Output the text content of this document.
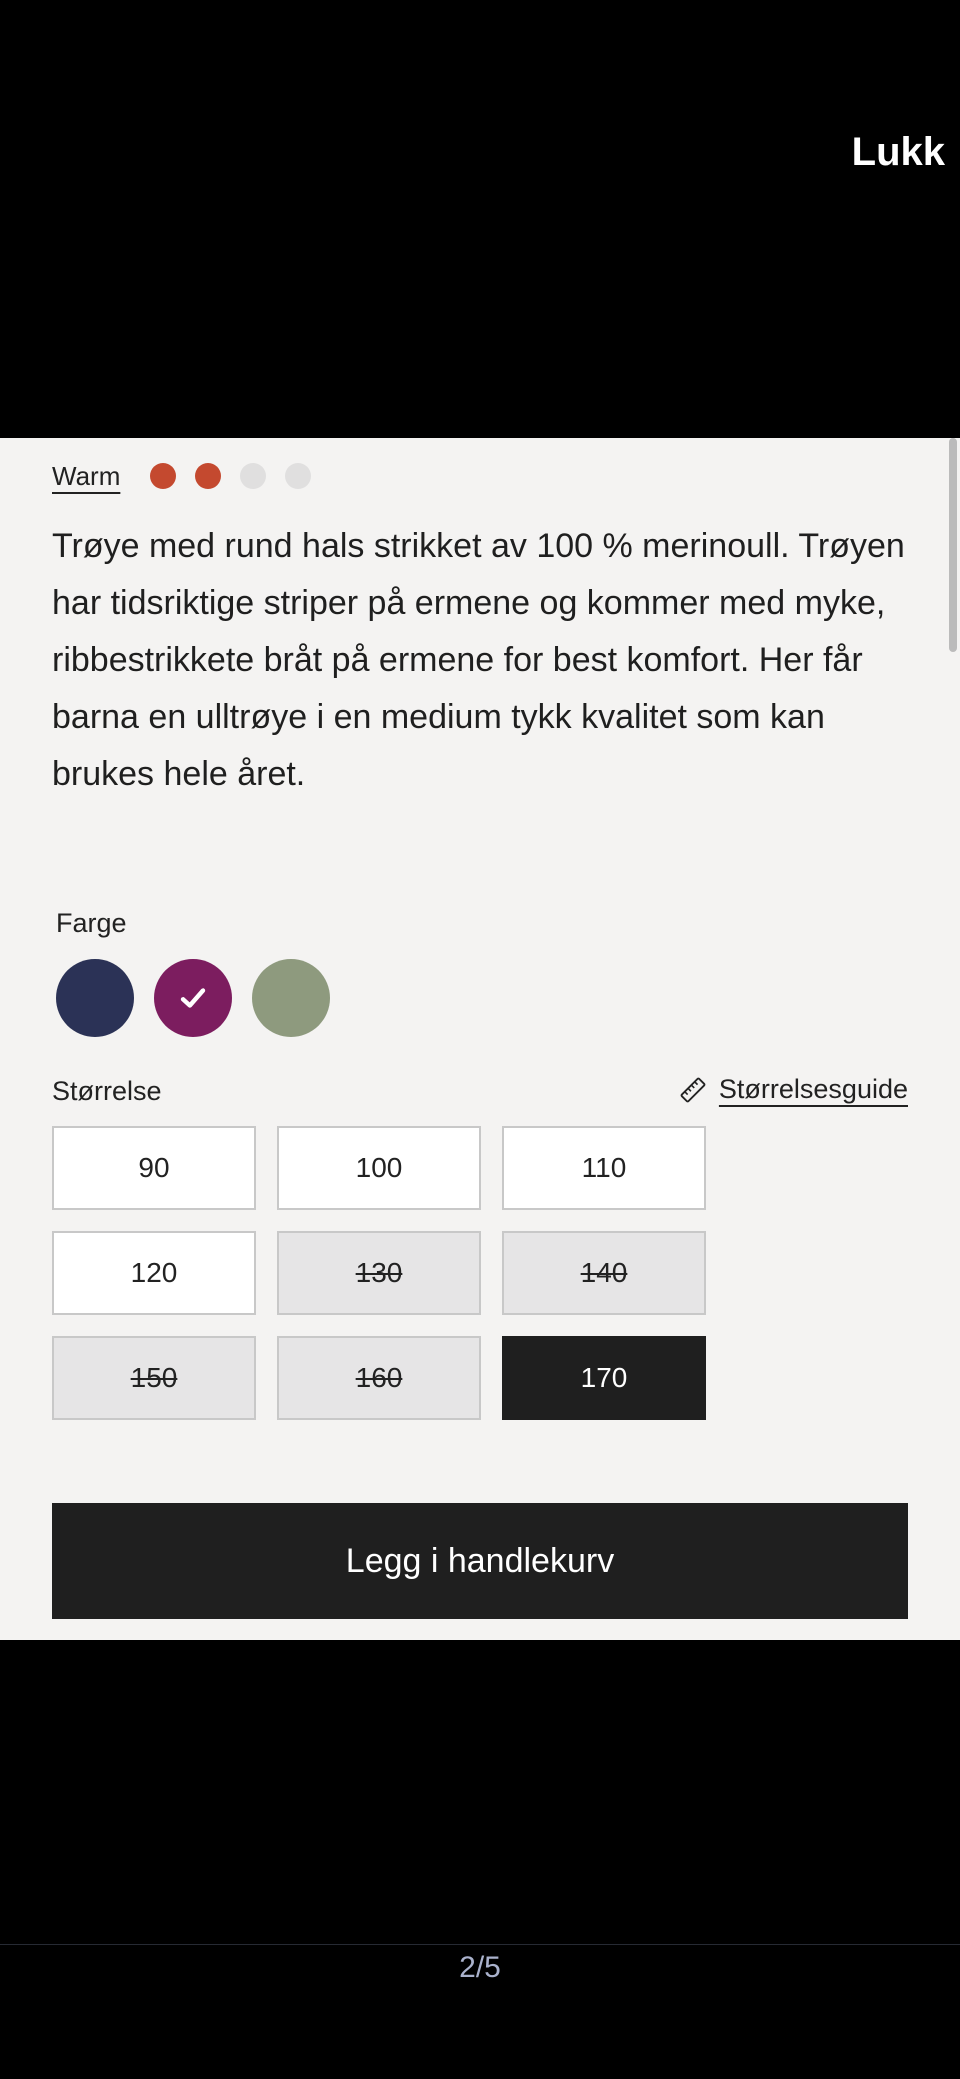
Lukk
Warm

Trøye med rund hals strikket av 100 % merinoull. Trøyen har tidsriktige striper på ermene og kommer med myke, ribbestrikkete bråt på ermene for best komfort. Her får barna en ulltrøye i en medium tykk kvalitet som kan brukes hele året.

Farge
Størrelse	Størrelsesguide
90	100	110
120	130	140
150	160	170
Legg i handlekurv
2/5
